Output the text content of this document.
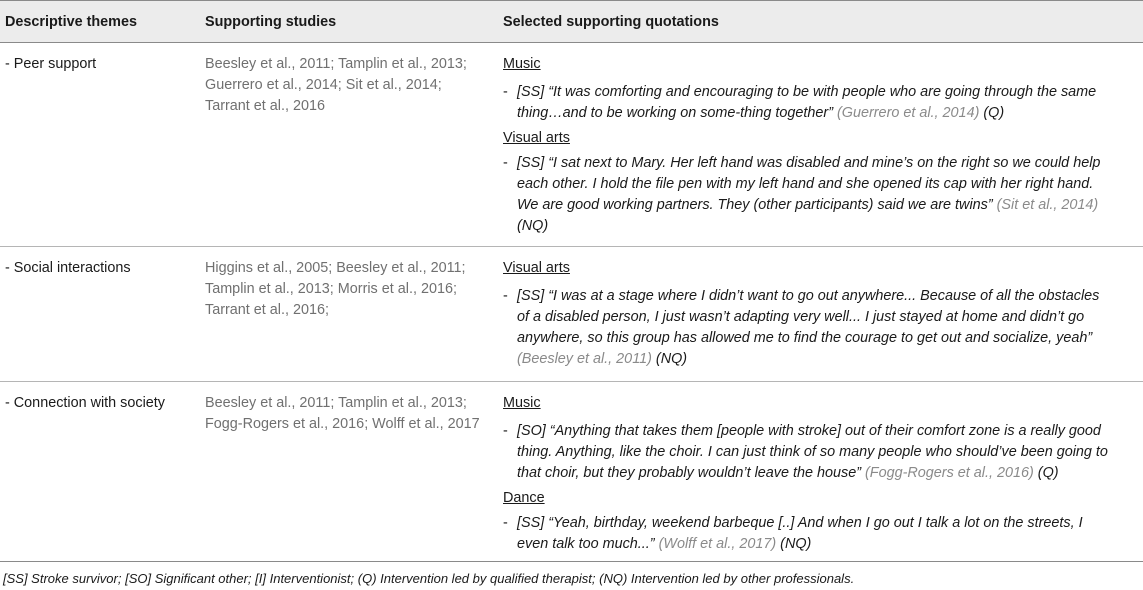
Descriptive themes	Supporting studies	Selected supporting quotations
- Peer support	Beesley et al., 2011; Tamplin et al., 2013; Guerrero et al., 2014; Sit et al., 2014; Tarrant et al., 2016
Music
- [SS] “It was comforting and encouraging to be with people who are going through the same
thing…and to be working on some-thing together” (Guerrero et al., 2014) (Q)
Visual arts
- [SS] “I sat next to Mary. Her left hand was disabled and mine’s on the right so we could help
each other. I hold the file pen with my left hand and she opened its cap with her right hand.
We are good working partners. They (other participants) said we are twins” (Sit et al., 2014)
(NQ)
- Social interactions	Higgins et al., 2005; Beesley et al., 2011; Tamplin et al., 2013; Morris et al., 2016; Tarrant et al., 2016;
Visual arts
- [SS] “I was at a stage where I didn’t want to go out anywhere... Because of all the obstacles
of a disabled person, I just wasn’t adapting very well... I just stayed at home and didn’t go
anywhere, so this group has allowed me to find the courage to get out and socialize, yeah”
(Beesley et al., 2011) (NQ)
- Connection with society	Beesley et al., 2011; Tamplin et al., 2013; Fogg-Rogers et al., 2016; Wolff et al., 2017
Music
- [SO] “Anything that takes them [people with stroke] out of their comfort zone is a really good
thing. Anything, like the choir. I can just think of so many people who should’ve been going to
that choir, but they probably wouldn’t leave the house” (Fogg-Rogers et al., 2016) (Q)
Dance
- [SS] “Yeah, birthday, weekend barbeque [..] And when I go out I talk a lot on the streets, I
even talk too much...” (Wolff et al., 2017) (NQ)
[SS] Stroke survivor; [SO] Significant other; [I] Interventionist; (Q) Intervention led by qualified therapist; (NQ) Intervention led by other professionals.
